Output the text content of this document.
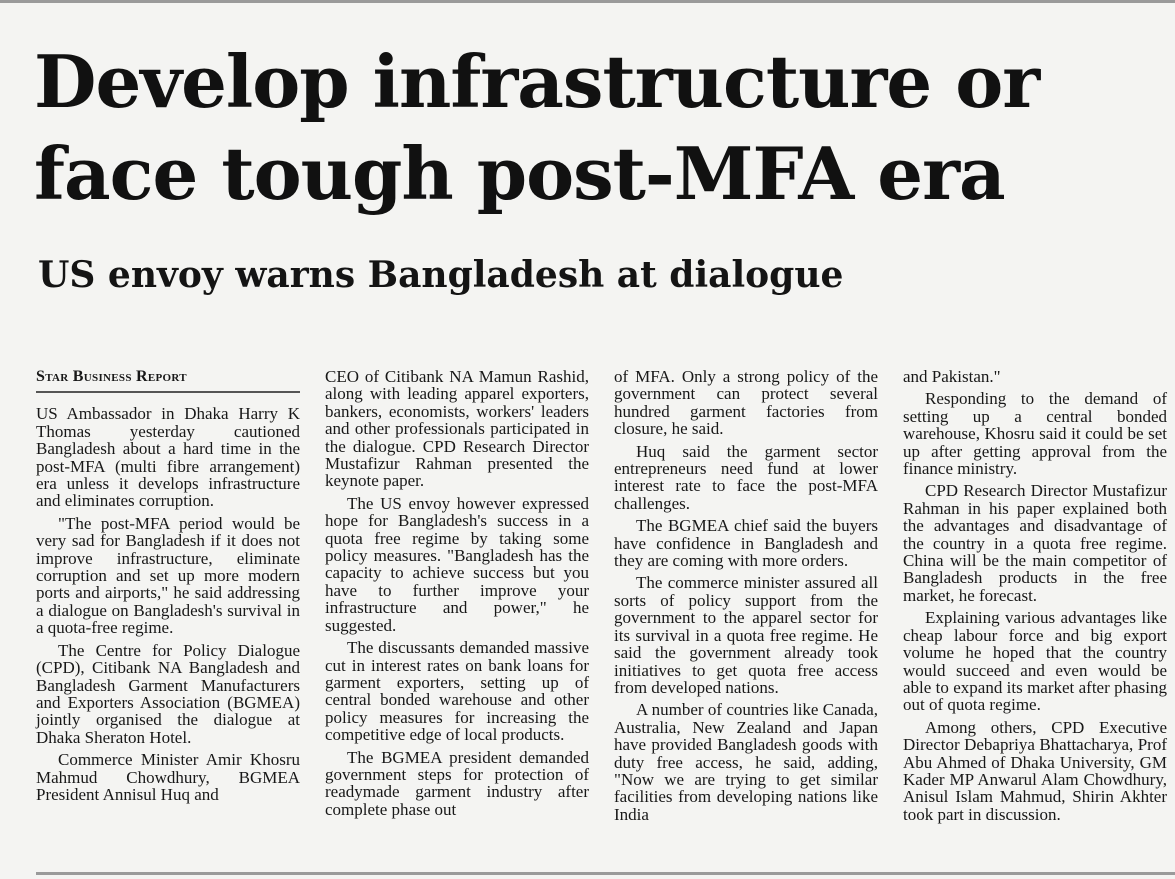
Develop infrastructure or
face tough post-MFA era
US envoy warns Bangladesh at dialogue
Star Business Report

US Ambassador in Dhaka Harry K Thomas yesterday cautioned Bangladesh about a hard time in the post-MFA (multi fibre arrangement) era unless it develops infrastructure and eliminates corruption.

"The post-MFA period would be very sad for Bangladesh if it does not improve infrastructure, eliminate corruption and set up more modern ports and airports," he said addressing a dialogue on Bangladesh's survival in a quota-free regime.

The Centre for Policy Dialogue (CPD), Citibank NA Bangladesh and Bangladesh Garment Manufacturers and Exporters Association (BGMEA) jointly organised the dialogue at Dhaka Sheraton Hotel.

Commerce Minister Amir Khosru Mahmud Chowdhury, BGMEA President Annisul Huq and

CEO of Citibank NA Mamun Rashid, along with leading apparel exporters, bankers, economists, workers' leaders and other professionals participated in the dialogue. CPD Research Director Mustafizur Rahman presented the keynote paper.

The US envoy however expressed hope for Bangladesh's success in a quota free regime by taking some policy measures. "Bangladesh has the capacity to achieve success but you have to further improve your infrastructure and power," he suggested.

The discussants demanded massive cut in interest rates on bank loans for garment exporters, setting up of central bonded warehouse and other policy measures for increasing the competitive edge of local products.

The BGMEA president demanded government steps for protection of readymade garment industry after complete phase out

of MFA. Only a strong policy of the government can protect several hundred garment factories from closure, he said.

Huq said the garment sector entrepreneurs need fund at lower interest rate to face the post-MFA challenges.

The BGMEA chief said the buyers have confidence in Bangladesh and they are coming with more orders.

The commerce minister assured all sorts of policy support from the government to the apparel sector for its survival in a quota free regime. He said the government already took initiatives to get quota free access from developed nations.

A number of countries like Canada, Australia, New Zealand and Japan have provided Bangladesh goods with duty free access, he said, adding, "Now we are trying to get similar facilities from developing nations like India

and Pakistan."

Responding to the demand of setting up a central bonded warehouse, Khosru said it could be set up after getting approval from the finance ministry.

CPD Research Director Mustafizur Rahman in his paper explained both the advantages and disadvantage of the country in a quota free regime. China will be the main competitor of Bangladesh products in the free market, he forecast.

Explaining various advantages like cheap labour force and big export volume he hoped that the country would succeed and even would be able to expand its market after phasing out of quota regime.

Among others, CPD Executive Director Debapriya Bhattacharya, Prof Abu Ahmed of Dhaka University, GM Kader MP Anwarul Alam Chowdhury, Anisul Islam Mahmud, Shirin Akhter took part in discussion.
